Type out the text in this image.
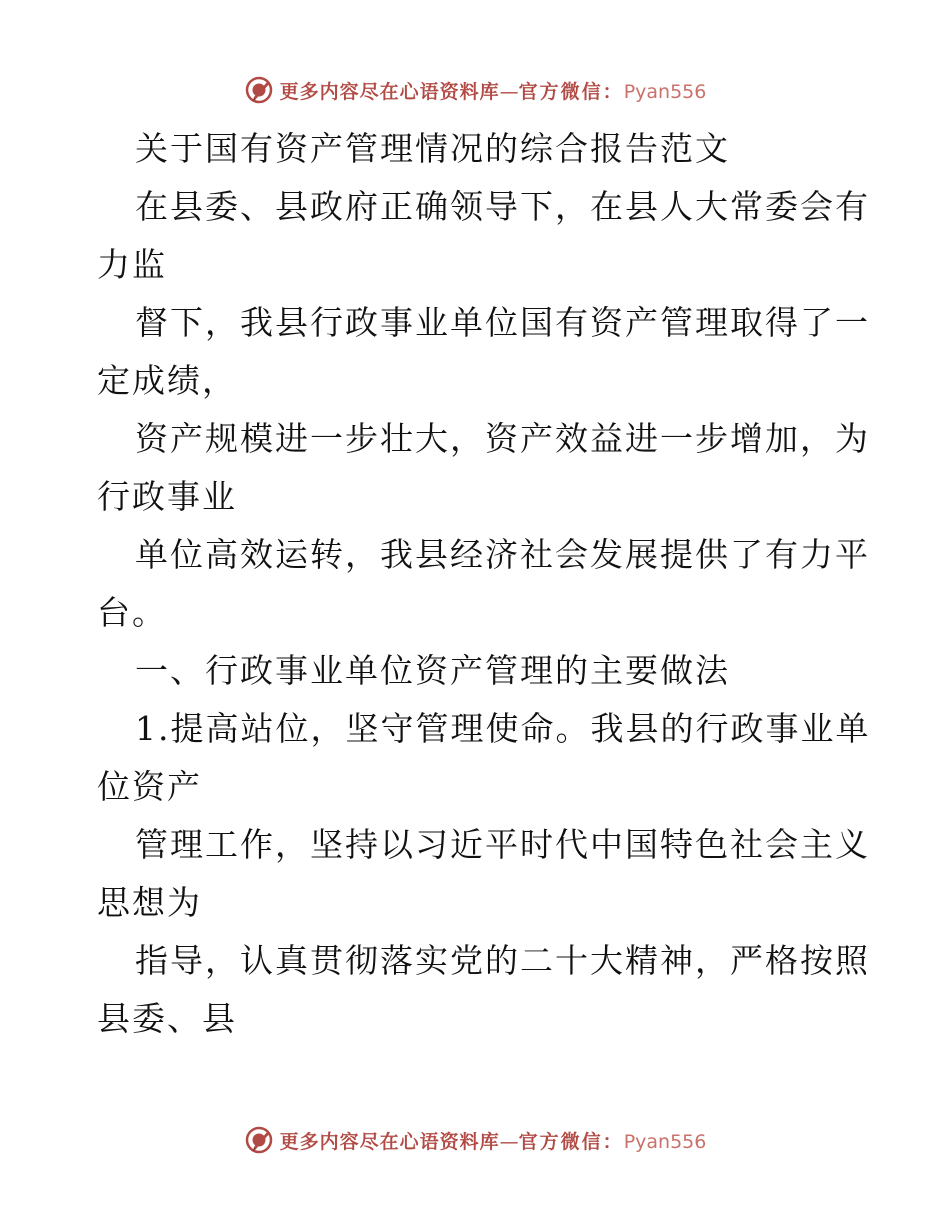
更多内容尽在心语资料库—官方微信：Pyan556
关于国有资产管理情况的综合报告范文
在县委、县政府正确领导下，在县人大常委会有
力监
督下，我县行政事业单位国有资产管理取得了一
定成绩，
资产规模进一步壮大，资产效益进一步增加，为
行政事业
单位高效运转，我县经济社会发展提供了有力平
台。
一、行政事业单位资产管理的主要做法
1.提高站位，坚守管理使命。我县的行政事业单
位资产
管理工作，坚持以习近平时代中国特色社会主义
思想为
指导，认真贯彻落实党的二十大精神，严格按照
县委、县
更多内容尽在心语资料库—官方微信：Pyan556
